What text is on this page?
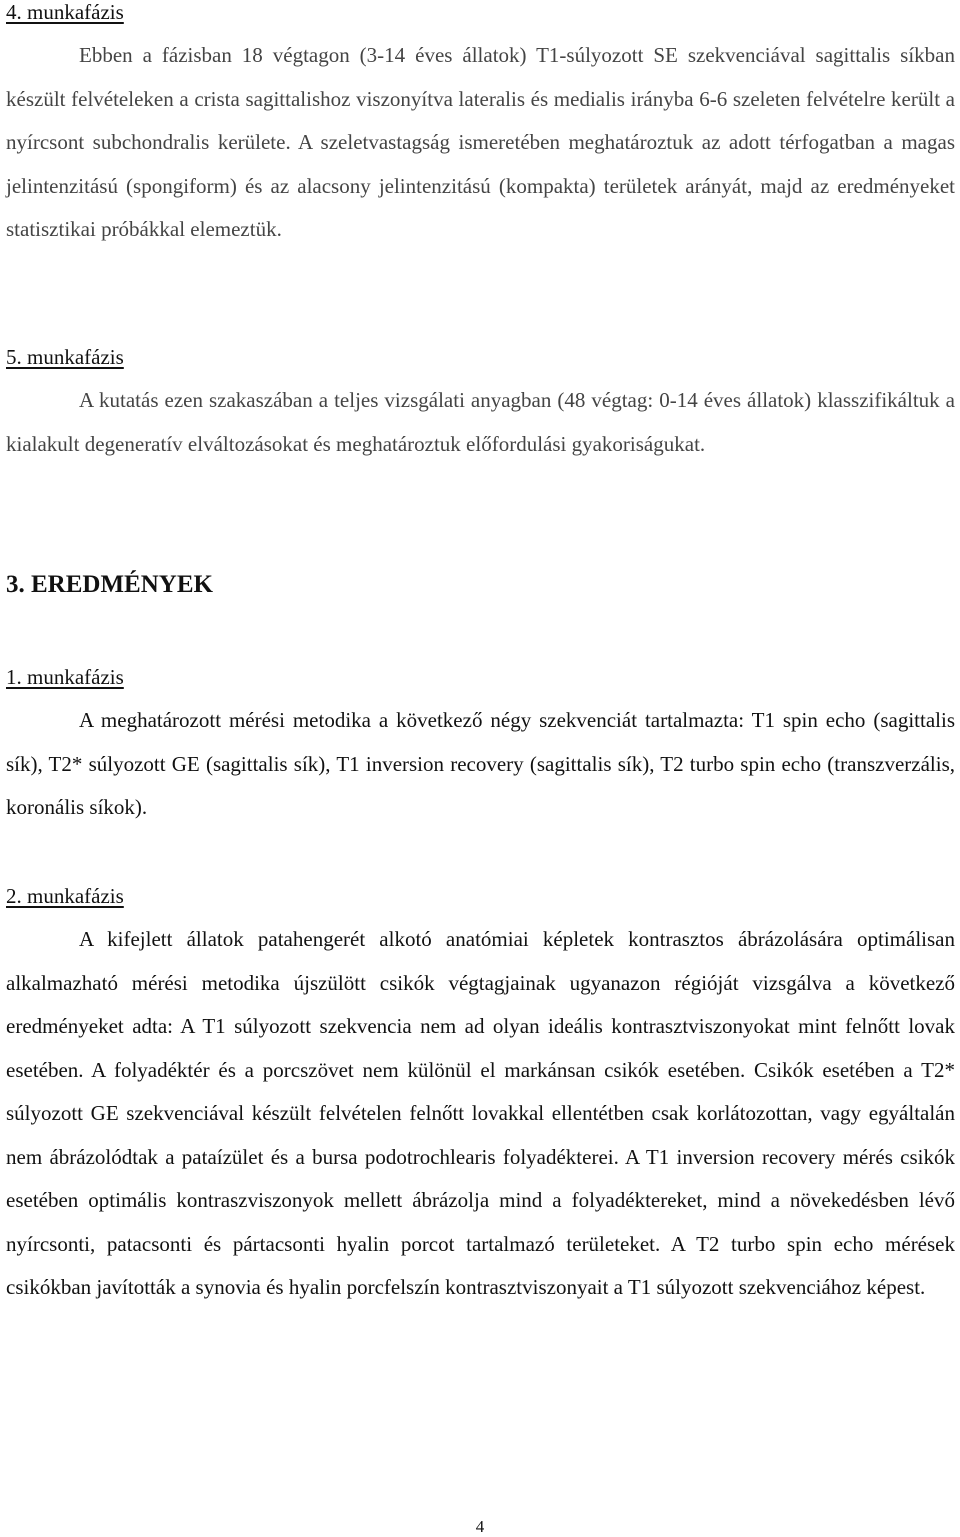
4. munkafázis

Ebben a fázisban 18 végtagon (3-14 éves állatok) T1-súlyozott SE szekvenciával sagittalis síkban készült felvételeken a crista sagittalishoz viszonyítva lateralis és medialis irányba 6-6 szeleten felvételre került a nyírcsont subchondralis kerülete. A szeletvastagság ismeretében meghatároztuk az adott térfogatban a magas jelintenzitású (spongiform) és az alacsony jelintenzitású (kompakta) területek arányát, majd az eredményeket statisztikai próbákkal elemeztük.

5. munkafázis

A kutatás ezen szakaszában a teljes vizsgálati anyagban (48 végtag: 0-14 éves állatok) klasszifikáltuk a kialakult degeneratív elváltozásokat és meghatároztuk előfordulási gyakoriságukat.

3. EREDMÉNYEK

1. munkafázis

A meghatározott mérési metodika a következő négy szekvenciát tartalmazta: T1 spin echo (sagittalis sík), T2* súlyozott GE (sagittalis sík), T1 inversion recovery (sagittalis sík), T2 turbo spin echo (transzverzális, koronális síkok).

2. munkafázis

A kifejlett állatok patahengerét alkotó anatómiai képletek kontrasztos ábrázolására optimálisan alkalmazható mérési metodika újszülött csikók végtagjainak ugyanazon régióját vizsgálva a következő eredményeket adta: A T1 súlyozott szekvencia nem ad olyan ideális kontrasztviszonyokat mint felnőtt lovak esetében. A folyadéktér és a porcszövet nem különül el markánsan csikók esetében. Csikók esetében a T2* súlyozott GE szekvenciával készült felvételen felnőtt lovakkal ellentétben csak korlátozottan, vagy egyáltalán nem ábrázolódtak a pataízület és a bursa podotrochlearis folyadékterei. A T1 inversion recovery mérés csikók esetében optimális kontraszviszonyok mellett ábrázolja mind a folyadéktereket, mind a növekedésben lévő nyírcsonti, patacsonti és pártacsonti hyalin porcot tartalmazó területeket. A T2 turbo spin echo mérések csikókban javították a synovia és hyalin porcfelszín kontrasztviszonyait a T1 súlyozott szekvenciához képest.

4
